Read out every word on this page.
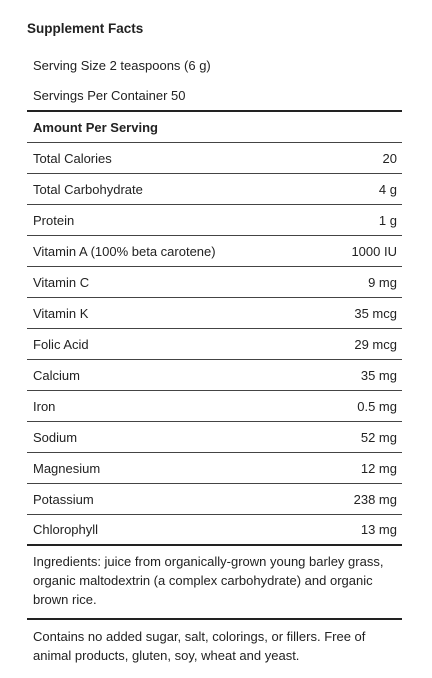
Supplement Facts
Serving Size 2 teaspoons (6 g)
Servings Per Container 50
Amount Per Serving
Total Calories	20
Total Carbohydrate	4 g
Protein	1 g
Vitamin A (100% beta carotene)	1000 IU
Vitamin C	9 mg
Vitamin K	35 mcg
Folic Acid	29 mcg
Calcium	35 mg
Iron	0.5 mg
Sodium	52 mg
Magnesium	12 mg
Potassium	238 mg
Chlorophyll	13 mg
Ingredients: juice from organically-grown young barley grass, organic maltodextrin (a complex carbohydrate) and organic brown rice.
Contains no added sugar, salt, colorings, or fillers. Free of animal products, gluten, soy, wheat and yeast.
